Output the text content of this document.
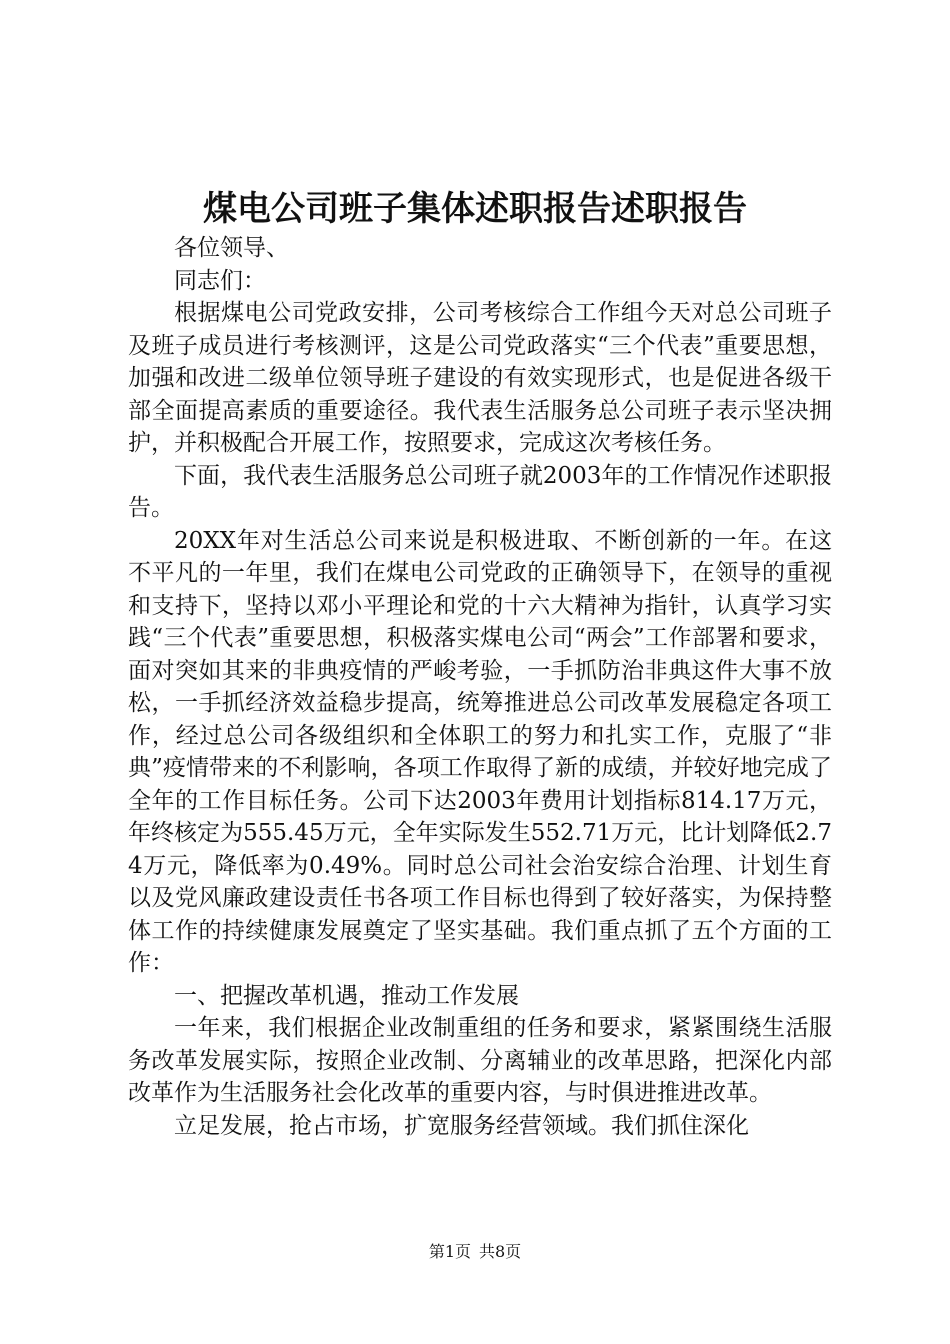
煤电公司班子集体述职报告述职报告

各位领导、

同志们：

根据煤电公司党政安排，公司考核综合工作组今天对总公司班子及班子成员进行考核测评，这是公司党政落实“三个代表”重要思想，加强和改进二级单位领导班子建设的有效实现形式，也是促进各级干部全面提高素质的重要途径。我代表生活服务总公司班子表示坚决拥护，并积极配合开展工作，按照要求，完成这次考核任务。

下面，我代表生活服务总公司班子就2003年的工作情况作述职报告。

20XX年对生活总公司来说是积极进取、不断创新的一年。在这不平凡的一年里，我们在煤电公司党政的正确领导下，在领导的重视和支持下，坚持以邓小平理论和党的十六大精神为指针，认真学习实践“三个代表”重要思想，积极落实煤电公司“两会”工作部署和要求，面对突如其来的非典疫情的严峻考验，一手抓防治非典这件大事不放松，一手抓经济效益稳步提高，统筹推进总公司改革发展稳定各项工作，经过总公司各级组织和全体职工的努力和扎实工作，克服了“非典”疫情带来的不利影响，各项工作取得了新的成绩，并较好地完成了全年的工作目标任务。公司下达2003年费用计划指标814.17万元，年终核定为555.45万元，全年实际发生552.71万元，比计划降低2.74万元，降低率为0.49%。同时总公司社会治安综合治理、计划生育以及党风廉政建设责任书各项工作目标也得到了较好落实，为保持整体工作的持续健康发展奠定了坚实基础。我们重点抓了五个方面的工作：

一、把握改革机遇，推动工作发展

一年来，我们根据企业改制重组的任务和要求，紧紧围绕生活服务改革发展实际，按照企业改制、分离辅业的改革思路，把深化内部改革作为生活服务社会化改革的重要内容，与时俱进推进改革。

立足发展，抢占市场，扩宽服务经营领域。我们抓住深化

第1页 共8页
